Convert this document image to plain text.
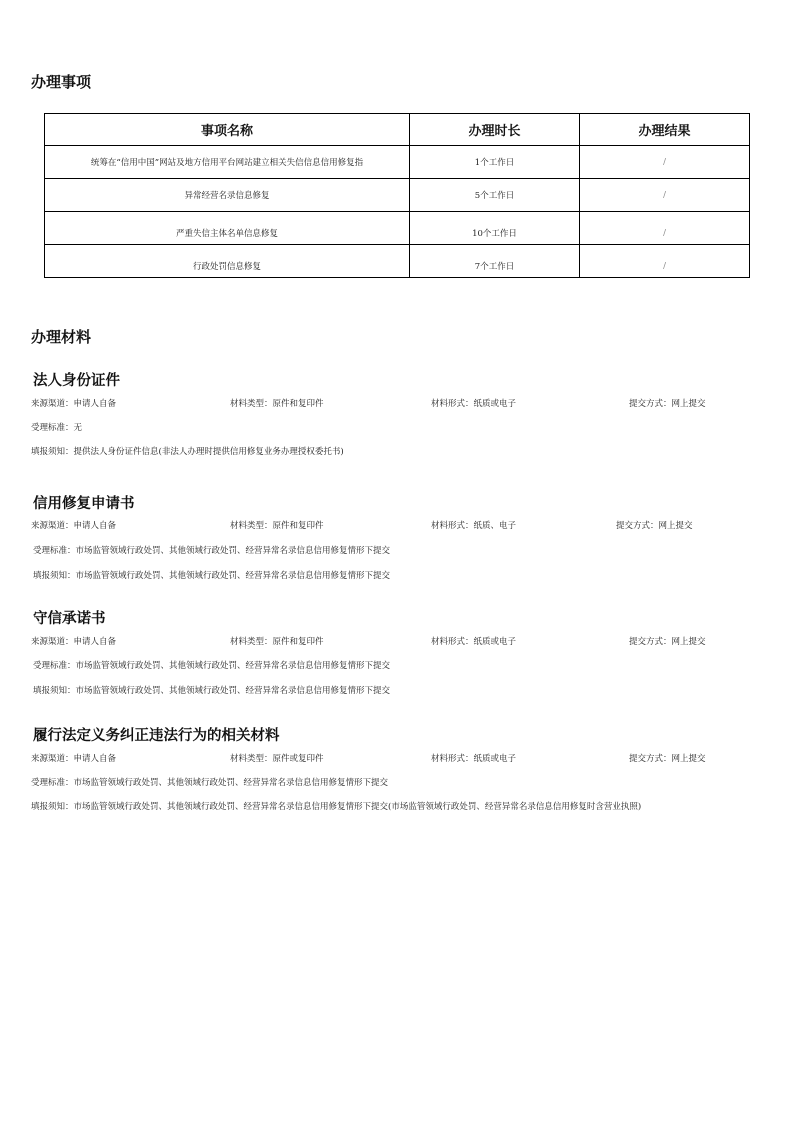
办理事项
事项名称	办理时长	办理结果
统筹在“信用中国”网站及地方信用平台网站建立相关失信信息信用修复指	1个工作日	/
异常经营名录信息修复	5个工作日	/
严重失信主体名单信息修复	10个工作日	/
行政处罚信息修复	7个工作日	/
办理材料
法人身份证件
来源渠道：申请人自备	材料类型：原件和复印件	材料形式：纸质或电子	提交方式：网上提交
受理标准：无
填报须知：提供法人身份证件信息(非法人办理时提供信用修复业务办理授权委托书)
信用修复申请书
来源渠道：申请人自备	材料类型：原件和复印件	材料形式：纸质、电子	提交方式：网上提交
受理标准：市场监管领域行政处罚、其他领域行政处罚、经营异常名录信息信用修复情形下提交
填报须知：市场监管领域行政处罚、其他领域行政处罚、经营异常名录信息信用修复情形下提交
守信承诺书
来源渠道：申请人自备	材料类型：原件和复印件	材料形式：纸质或电子	提交方式：网上提交
受理标准：市场监管领域行政处罚、其他领域行政处罚、经营异常名录信息信用修复情形下提交
填报须知：市场监管领域行政处罚、其他领域行政处罚、经营异常名录信息信用修复情形下提交
履行法定义务纠正违法行为的相关材料
来源渠道：申请人自备	材料类型：原件或复印件	材料形式：纸质或电子	提交方式：网上提交
受理标准：市场监管领域行政处罚、其他领域行政处罚、经营异常名录信息信用修复情形下提交
填报须知：市场监管领域行政处罚、其他领域行政处罚、经营异常名录信息信用修复情形下提交(市场监管领域行政处罚、经营异常名录信息信用修复时含营业执照)
